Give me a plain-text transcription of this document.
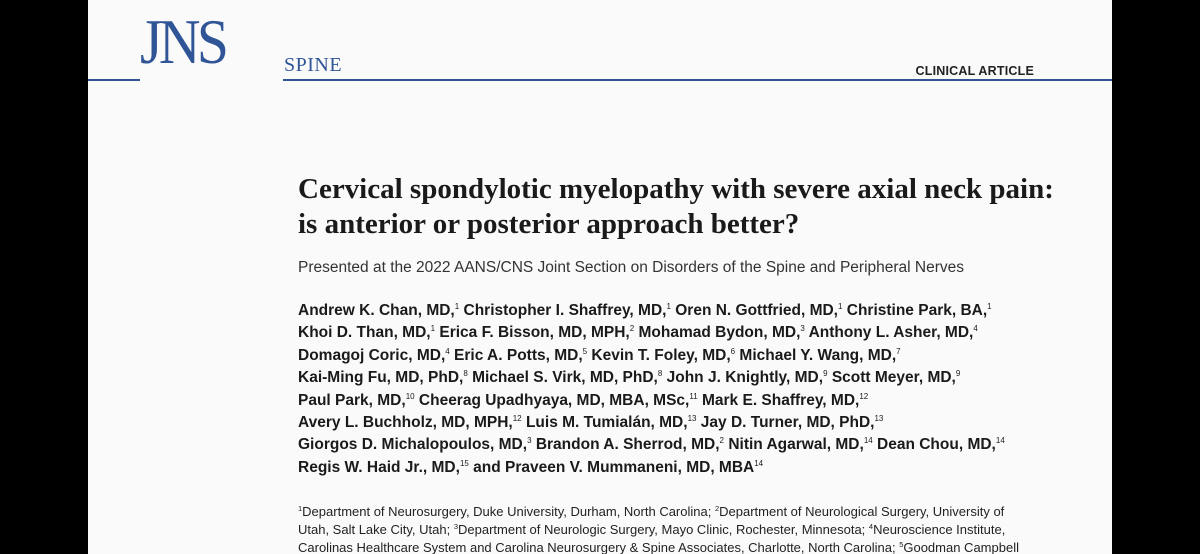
JNS	SPINE	CLINICAL ARTICLE
Cervical spondylotic myelopathy with severe axial neck pain: is anterior or posterior approach better?
Presented at the 2022 AANS/CNS Joint Section on Disorders of the Spine and Peripheral Nerves
Andrew K. Chan, MD,$^1$ Christopher I. Shaffrey, MD,$^1$ Oren N. Gottfried, MD,$^1$ Christine Park, BA,$^1$
Khoi D. Than, MD,$^1$ Erica F. Bisson, MD, MPH,$^2$ Mohamad Bydon, MD,$^3$ Anthony L. Asher, MD,$^4$
Domagoj Coric, MD,$^4$ Eric A. Potts, MD,$^5$ Kevin T. Foley, MD,$^6$ Michael Y. Wang, MD,$^7$
Kai-Ming Fu, MD, PhD,$^8$ Michael S. Virk, MD, PhD,$^8$ John J. Knightly, MD,$^9$ Scott Meyer, MD,$^9$
Paul Park, MD,$^{10}$ Cheerag Upadhyaya, MD, MBA, MSc,$^{11}$ Mark E. Shaffrey, MD,$^{12}$
Avery L. Buchholz, MD, MPH,$^{12}$ Luis M. Tumialán, MD,$^{13}$ Jay D. Turner, MD, PhD,$^{13}$
Giorgos D. Michalopoulos, MD,$^3$ Brandon A. Sherrod, MD,$^2$ Nitin Agarwal, MD,$^{14}$ Dean Chou, MD,$^{14}$
Regis W. Haid Jr., MD,$^{15}$ and Praveen V. Mummaneni, MD, MBA$^{14}$
$^1$Department of Neurosurgery, Duke University, Durham, North Carolina; $^2$Department of Neurological Surgery, University of
Utah, Salt Lake City, Utah; $^3$Department of Neurologic Surgery, Mayo Clinic, Rochester, Minnesota; $^4$Neuroscience Institute,
Carolinas Healthcare System and Carolina Neurosurgery & Spine Associates, Charlotte, North Carolina; $^5$Goodman Campbell
